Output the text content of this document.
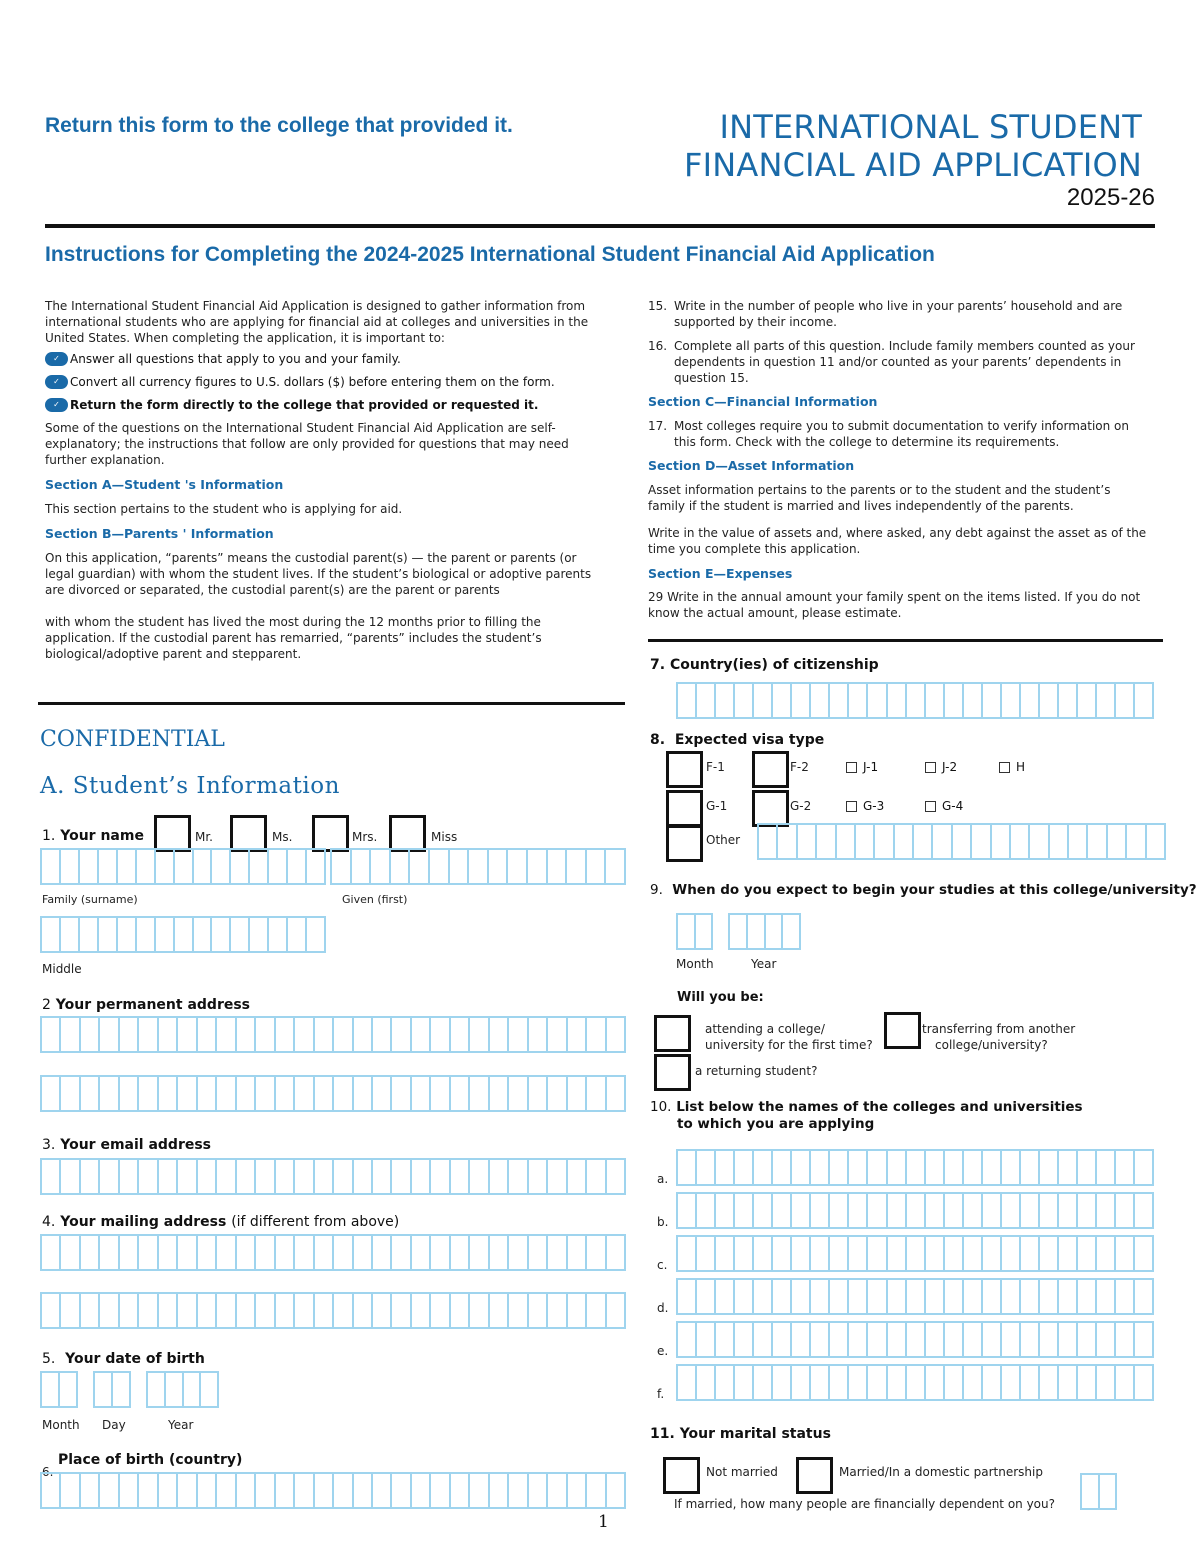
Return this form to the college that provided it.	INTERNATIONAL STUDENT
FINANCIAL AID APPLICATION
2025-26
Instructions for Completing the 2024-2025 International Student Financial Aid Application

The International Student Financial Aid Application is designed to gather information from international students who are applying for financial aid at colleges and universities in the United States. When completing the application, it is important to:

✓ Answer all questions that apply to you and your family.
✓ Convert all currency figures to U.S. dollars ($) before entering them on the form.
✓ Return the form directly to the college that provided or requested it.

Some of the questions on the International Student Financial Aid Application are self-explanatory; the instructions that follow are only provided for questions that may need further explanation.

Section A—Student 's Information

This section pertains to the student who is applying for aid.

Section B—Parents ' Information

On this application, “parents” means the custodial parent(s) — the parent or parents (or legal guardian) with whom the student lives. If the student’s biological or adoptive parents are divorced or separated, the custodial parent(s) are the parent or parents

with whom the student has lived the most during the 12 months prior to filling the application. If the custodial parent has remarried, “parents” includes the student’s biological/adoptive parent and stepparent.

15. Write in the number of people who live in your parents’ household and are supported by their income.
16. Complete all parts of this question. Include family members counted as your dependents in question 11 and/or counted as your parents’ dependents in question 15.
Section C—Financial Information
17. Most colleges require you to submit documentation to verify information on this form. Check with the college to determine its requirements.
Section D—Asset Information

Asset information pertains to the parents or to the student and the student’s family if the student is married and lives independently of the parents.

Write in the value of assets and, where asked, any debt against the asset as of the time you complete this application.

Section E—Expenses

29 Write in the annual amount your family spent on the items listed. If you do not know the actual amount, please estimate.

CONFIDENTIAL
A. Student’s Information
1. Your name	Mr.	Ms.	Mrs.	Miss
Family (surname)	Given (first)
Middle
2 Your permanent address
3. Your email address
4. Your mailing address (if different from above)
5. Your date of birth
Month Day	Year
Place of birth (country)
6.
1
7. Country(ies) of citizenship
8. Expected visa type
F-1	F-2	J-1	J-2	H
G-1	G-2	G-3	G-4
Other
9. When do you expect to begin your studies at this college/university?
Month	Year
Will you be:
attending a college/
university for the first time?
transferring from another
college/university?
a returning student?
10. List below the names of the colleges and universities
to which you are applying
a.
b.
c.
d.
e.
f.
11. Your marital status
Not married	Married/In a domestic partnership
If married, how many people are financially dependent on you?
